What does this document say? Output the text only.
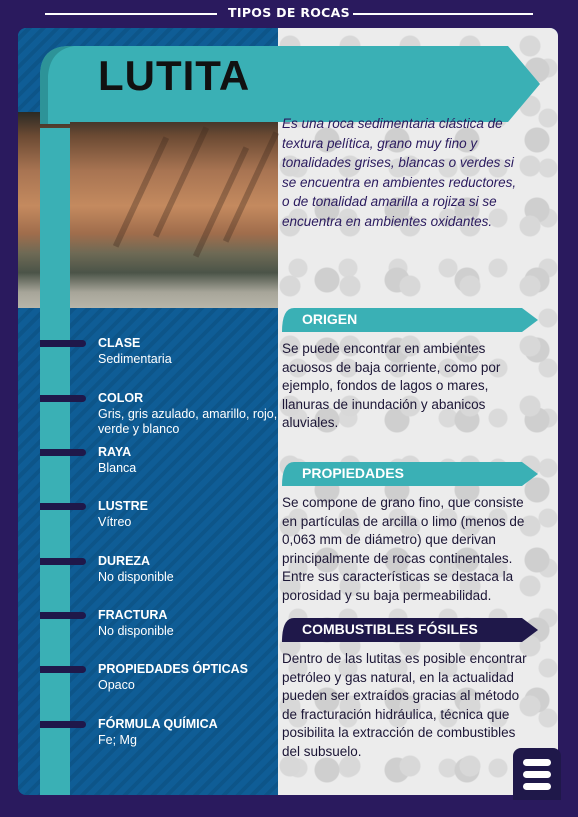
TIPOS DE ROCAS
LUTITA
CLASE
Sedimentaria
COLOR
Gris, gris azulado, amarillo, rojo, verde y blanco
RAYA
Blanca
LUSTRE
Vítreo
DUREZA
No disponible
FRACTURA
No disponible
PROPIEDADES ÓPTICAS
Opaco
FÓRMULA QUÍMICA
Fe; Mg
Es una roca sedimentaria clástica de textura pelítica, grano muy fino y tonalidades grises, blancas o verdes si se encuentra en ambientes reductores, o de tonalidad amarilla a rojiza si se encuentra en ambientes oxidantes.
ORIGEN
Se puede encontrar en ambientes acuosos de baja corriente, como por ejemplo, fondos de lagos o mares, llanuras de inundación y abanicos aluviales.
PROPIEDADES
Se compone de grano fino, que consiste en partículas de arcilla o limo (menos de 0,063 mm de diámetro) que derivan principalmente de rocas continentales. Entre sus características se destaca la porosidad y su baja permeabilidad.
COMBUSTIBLES FÓSILES
Dentro de las lutitas es posible encontrar petróleo y gas natural, en la actualidad pueden ser extraídos gracias al método de fracturación hidráulica, técnica que posibilita la extracción de combustibles del subsuelo.
